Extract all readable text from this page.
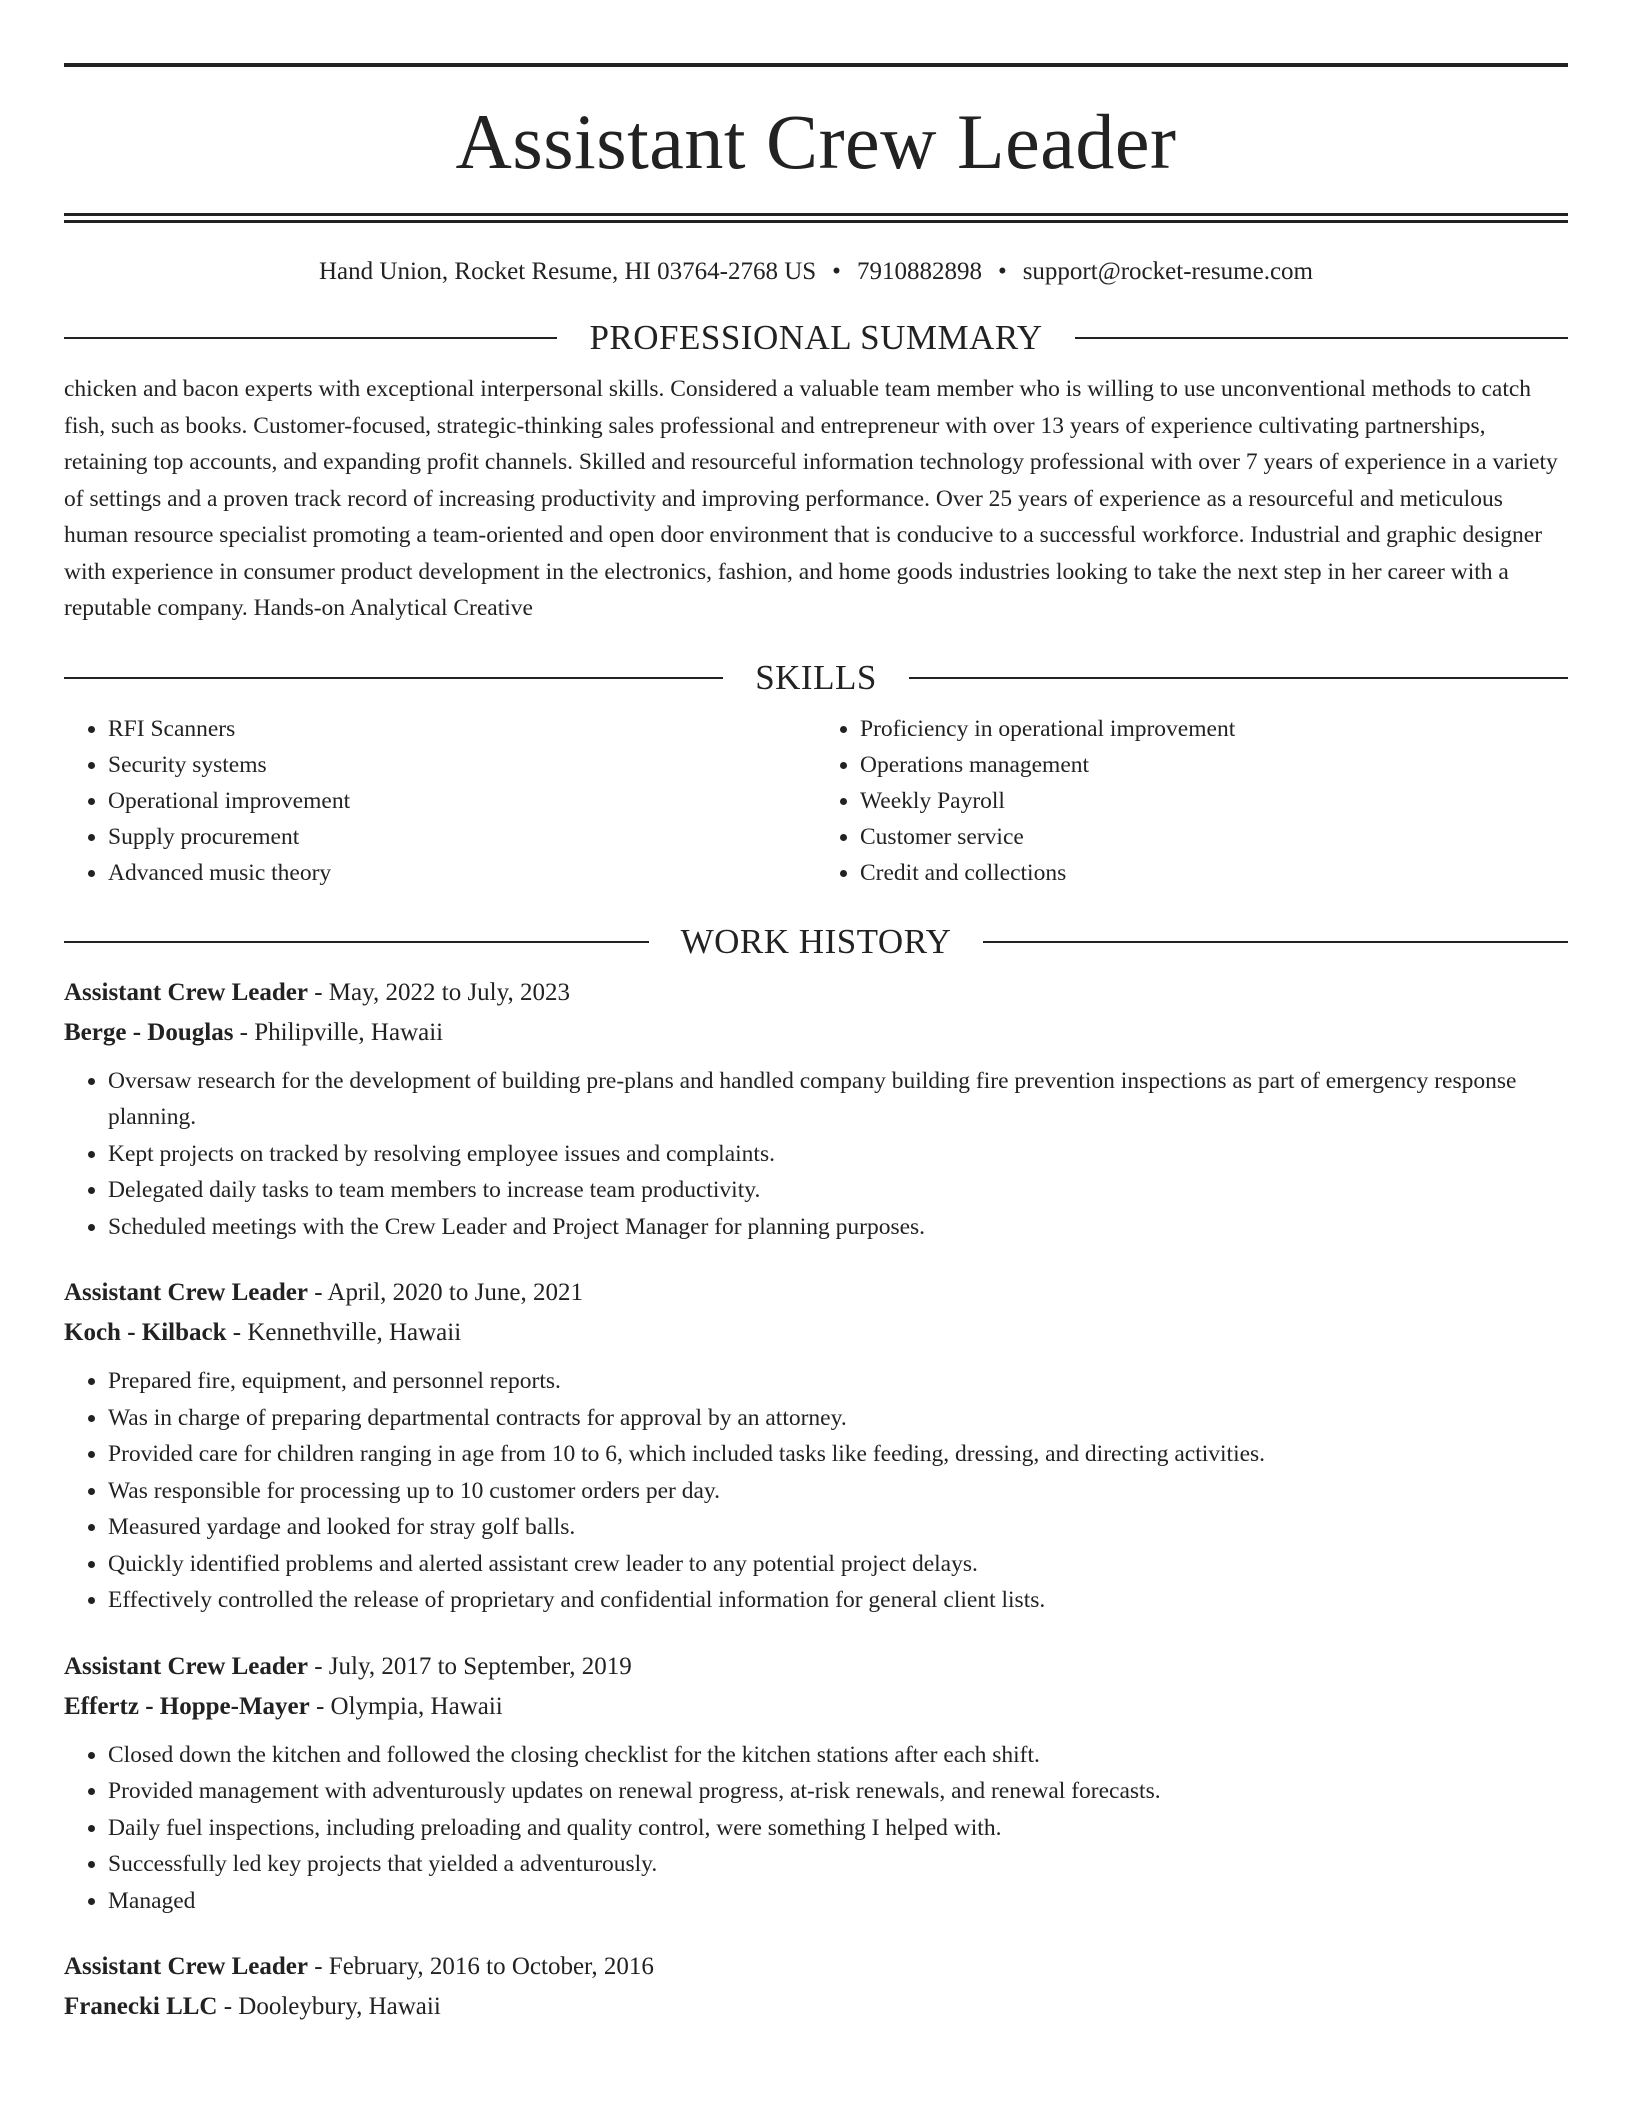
Assistant Crew Leader
Hand Union, Rocket Resume, HI 03764-2768 US • 7910882898 • support@rocket-resume.com
PROFESSIONAL SUMMARY
chicken and bacon experts with exceptional interpersonal skills. Considered a valuable team member who is willing to use unconventional methods to catch fish, such as books. Customer-focused, strategic-thinking sales professional and entrepreneur with over 13 years of experience cultivating partnerships, retaining top accounts, and expanding profit channels. Skilled and resourceful information technology professional with over 7 years of experience in a variety of settings and a proven track record of increasing productivity and improving performance. Over 25 years of experience as a resourceful and meticulous human resource specialist promoting a team-oriented and open door environment that is conducive to a successful workforce. Industrial and graphic designer with experience in consumer product development in the electronics, fashion, and home goods industries looking to take the next step in her career with a reputable company. Hands-on Analytical Creative
SKILLS
• RFI Scanners
• Security systems
• Operational improvement
• Supply procurement
• Advanced music theory
• Proficiency in operational improvement
• Operations management
• Weekly Payroll
• Customer service
• Credit and collections
WORK HISTORY
Assistant Crew Leader - May, 2022 to July, 2023
Berge - Douglas - Philipville, Hawaii
• Oversaw research for the development of building pre-plans and handled company building fire prevention inspections as part of emergency response planning.
• Kept projects on tracked by resolving employee issues and complaints.
• Delegated daily tasks to team members to increase team productivity.
• Scheduled meetings with the Crew Leader and Project Manager for planning purposes.
Assistant Crew Leader - April, 2020 to June, 2021
Koch - Kilback - Kennethville, Hawaii
• Prepared fire, equipment, and personnel reports.
• Was in charge of preparing departmental contracts for approval by an attorney.
• Provided care for children ranging in age from 10 to 6, which included tasks like feeding, dressing, and directing activities.
• Was responsible for processing up to 10 customer orders per day.
• Measured yardage and looked for stray golf balls.
• Quickly identified problems and alerted assistant crew leader to any potential project delays.
• Effectively controlled the release of proprietary and confidential information for general client lists.
Assistant Crew Leader - July, 2017 to September, 2019
Effertz - Hoppe-Mayer - Olympia, Hawaii
• Closed down the kitchen and followed the closing checklist for the kitchen stations after each shift.
• Provided management with adventurously updates on renewal progress, at-risk renewals, and renewal forecasts.
• Daily fuel inspections, including preloading and quality control, were something I helped with.
• Successfully led key projects that yielded a adventurously.
• Managed
Assistant Crew Leader - February, 2016 to October, 2016
Franecki LLC - Dooleybury, Hawaii
